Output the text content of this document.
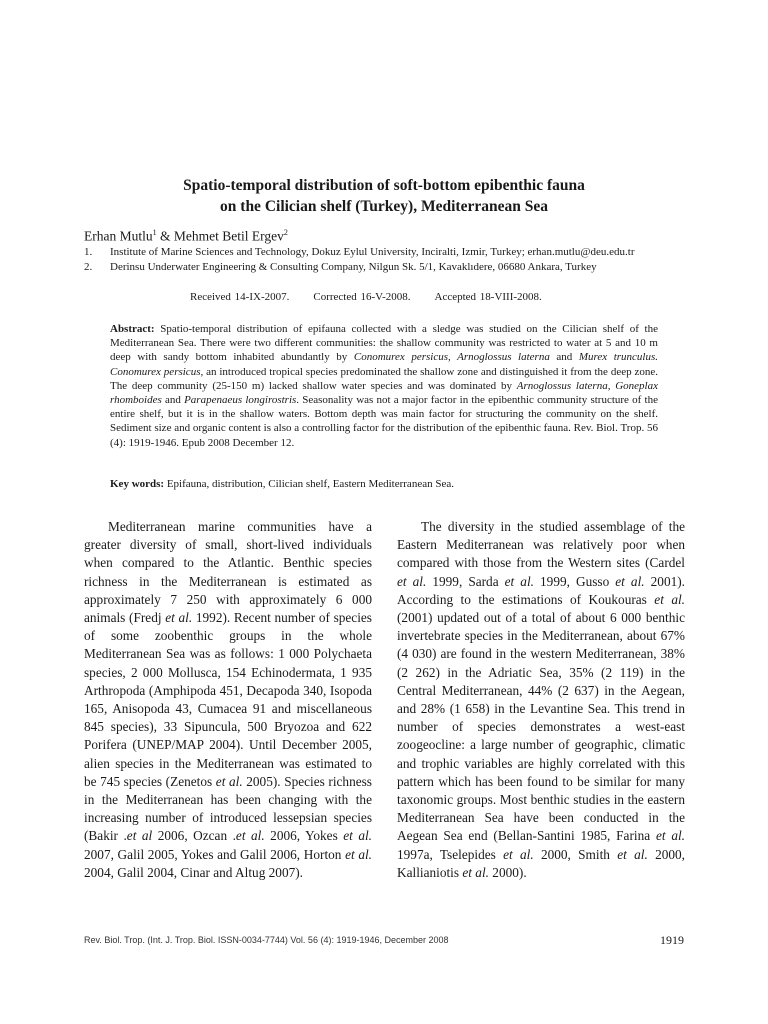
Spatio-temporal distribution of soft-bottom epibenthic fauna
on the Cilician shelf (Turkey), Mediterranean Sea
Erhan Mutlu$^1$ & Mehmet Betil Ergev$^2$
1.	Institute of Marine Sciences and Technology, Dokuz Eylul University, Inciralti, Izmir, Turkey; erhan.mutlu@deu.edu.tr
2.	Derinsu Underwater Engineering & Consulting Company, Nilgun Sk. 5/1, Kavaklıdere, 06680 Ankara, Turkey
Received 14-IX-2007. Corrected 16-V-2008. Accepted 18-VIII-2008.
Abstract: Spatio-temporal distribution of epifauna collected with a sledge was studied on the Cilician shelf of the Mediterranean Sea. There were two different communities: the shallow community was restricted to water at 5 and 10 m deep with sandy bottom inhabited abundantly by Conomurex persicus, Arnoglossus laterna and Murex trunculus. Conomurex persicus, an introduced tropical species predominated the shallow zone and distinguished it from the deep zone. The deep community (25-150 m) lacked shallow water species and was dominated by Arnoglossus laterna, Goneplax rhomboides and Parapenaeus longirostris. Seasonality was not a major factor in the epibenthic community structure of the entire shelf, but it is in the shallow waters. Bottom depth was main factor for structuring the community on the shelf. Sediment size and organic content is also a controlling factor for the distribution of the epibenthic fauna. Rev. Biol. Trop. 56 (4): 1919-1946. Epub 2008 December 12.
Key words: Epifauna, distribution, Cilician shelf, Eastern Mediterranean Sea.

Mediterranean marine communities have a greater diversity of small, short-lived individuals when compared to the Atlantic. Benthic species richness in the Mediterranean is estimated as approximately 7 250 with approximately 6 000 animals (Fredj et al. 1992). Recent number of species of some zoobenthic groups in the whole Mediterranean Sea was as follows: 1 000 Polychaeta species, 2 000 Mollusca, 154 Echinodermata, 1 935 Arthropoda (Amphipoda 451, Decapoda 340, Isopoda 165, Anisopoda 43, Cumacea 91 and miscellaneous 845 species), 33 Sipuncula, 500 Bryozoa and 622 Porifera (UNEP/MAP 2004). Until December 2005, alien species in the Mediterranean was estimated to be 745 species (Zenetos et al. 2005). Species richness in the Mediterranean has been changing with the increasing number of introduced lessepsian species (Bakir .et al 2006, Ozcan .et al. 2006, Yokes et al. 2007, Galil 2005, Yokes and Galil 2006, Horton et al. 2004, Galil 2004, Cinar and Altug 2007).

The diversity in the studied assemblage of the Eastern Mediterranean was relatively poor when compared with those from the Western sites (Cardel et al. 1999, Sarda et al. 1999, Gusso et al. 2001). According to the estimations of Koukouras et al. (2001) updated out of a total of about 6 000 benthic invertebrate species in the Mediterranean, about 67% (4 030) are found in the western Mediterranean, 38% (2 262) in the Adriatic Sea, 35% (2 119) in the Central Mediterranean, 44% (2 637) in the Aegean, and 28% (1 658) in the Levantine Sea. This trend in number of species demonstrates a west-east zoogeocline: a large number of geographic, climatic and trophic variables are highly correlated with this pattern which has been found to be similar for many taxonomic groups. Most benthic studies in the eastern Mediterranean Sea have been conducted in the Aegean Sea end (Bellan-Santini 1985, Farina et al. 1997a, Tselepides et al. 2000, Smith et al. 2000, Kallianiotis et al. 2000).

Rev. Biol. Trop. (Int. J. Trop. Biol. ISSN-0034-7744) Vol. 56 (4): 1919-1946, December 2008	1919
